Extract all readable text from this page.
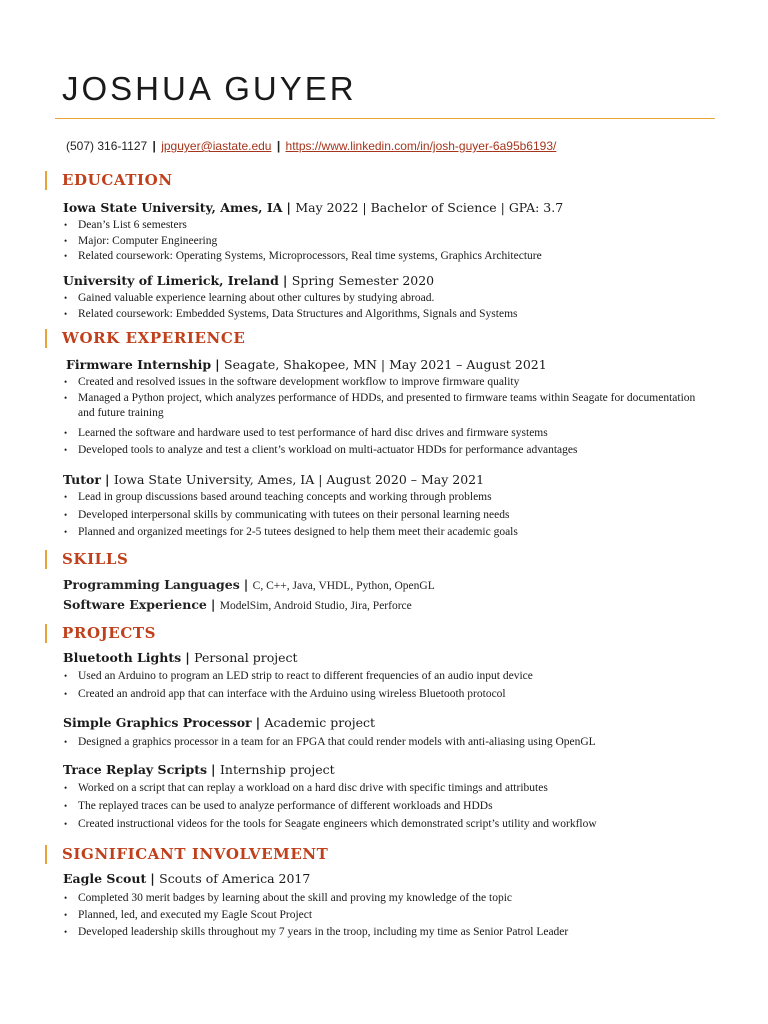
JOSHUA GUYER
(507) 316-1127 | jpguyer@iastate.edu | https://www.linkedin.com/in/josh-guyer-6a95b6193/
EDUCATION

Iowa State University, Ames, IA | May 2022 | Bachelor of Science | GPA: 3.7

• Dean’s List 6 semesters
• Major: Computer Engineering
• Related coursework: Operating Systems, Microprocessors, Real time systems, Graphics Architecture

University of Limerick, Ireland | Spring Semester 2020

• Gained valuable experience learning about other cultures by studying abroad.
• Related coursework: Embedded Systems, Data Structures and Algorithms, Signals and Systems
WORK EXPERIENCE

Firmware Internship | Seagate, Shakopee, MN | May 2021 – August 2021

• Created and resolved issues in the software development workflow to improve firmware quality
• Managed a Python project, which analyzes performance of HDDs, and presented to firmware teams within Seagate for documentation and future training
• Learned the software and hardware used to test performance of hard disc drives and firmware systems
• Developed tools to analyze and test a client’s workload on multi-actuator HDDs for performance advantages

Tutor | Iowa State University, Ames, IA | August 2020 – May 2021

• Lead in group discussions based around teaching concepts and working through problems
• Developed interpersonal skills by communicating with tutees on their personal learning needs
• Planned and organized meetings for 2-5 tutees designed to help them meet their academic goals
SKILLS
Programming Languages | C, C++, Java, VHDL, Python, OpenGL
Software Experience | ModelSim, Android Studio, Jira, Perforce
PROJECTS

Bluetooth Lights | Personal project

• Used an Arduino to program an LED strip to react to different frequencies of an audio input device
• Created an android app that can interface with the Arduino using wireless Bluetooth protocol

Simple Graphics Processor | Academic project

• Designed a graphics processor in a team for an FPGA that could render models with anti-aliasing using OpenGL

Trace Replay Scripts | Internship project

• Worked on a script that can replay a workload on a hard disc drive with specific timings and attributes
• The replayed traces can be used to analyze performance of different workloads and HDDs
• Created instructional videos for the tools for Seagate engineers which demonstrated script’s utility and workflow
SIGNIFICANT INVOLVEMENT

Eagle Scout | Scouts of America 2017

• Completed 30 merit badges by learning about the skill and proving my knowledge of the topic
• Planned, led, and executed my Eagle Scout Project
• Developed leadership skills throughout my 7 years in the troop, including my time as Senior Patrol Leader
